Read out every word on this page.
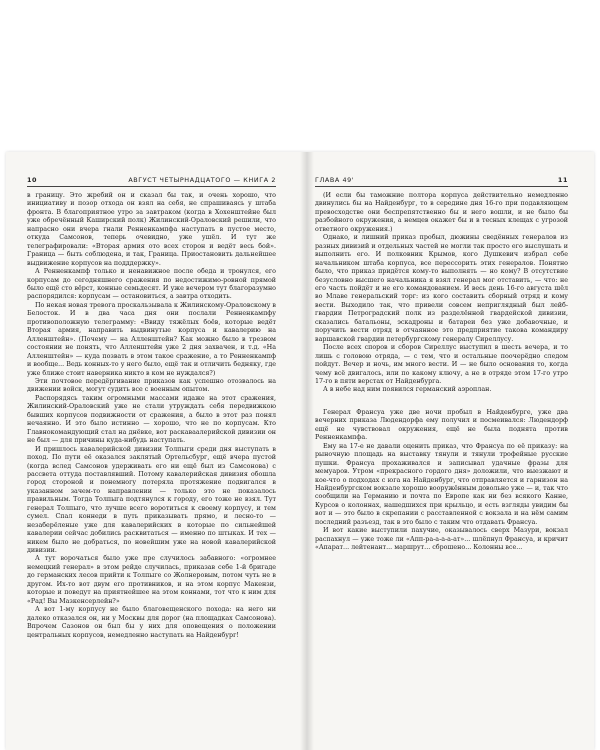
10	АВГУСТ ЧЕТЫРНАДЦАТОГО — КНИГА 2

в границу. Это жребий он и сказал бы так, и очень хорошо, что инициативу и позор отхода он взял на себя, не спрашиваясь у штаба фронта. В благоприятное утро за завтраком (когда в Хохенштейне был уже обречённый Каширский полк) Жилинский-Ораловский решили, что напрасно они вчера гнали Ренненкампфа наступать в пустое место, откуда Самсонов, теперь очевидно, уже ушёл. И тут же телеграфировали: «Вторая армия ото всех сторон и ведёт весь бой». Граница — быть соблюдена, и так, Граница. Приостановить дальнейшее выдвижение корпусов на подддержку».

А Ренненкампф только и ненавижное после обеда и тронулся, его корпусам до сегодняшнего сражения по недостижимо-ровной прямой было ещё сто вёрст, конные семьдесят. И уже вечером тут благоразумно распорядился: корпусам — остановиться, а завтра отходить.

По некая новая тревога проскальзывала к Жилинскому-Ораловскому в Белосток. И в два часа дня они послали Ренненкампфу противоположную телеграмму: «Ввиду тяжёлых боёв, которые ведёт Вторая армия, направить выдвинутые корпуса и кавалерию на Алленштейн». (Почему — на Алленштейн? Как можно было в трезвом состоянии не понять, что Алленштейн уже 2 дня захвачен, и т.д. «На Алленштейн» — куда позвать в этом такое сражение, а то Ренненкампф и вообще... Ведь конных-то у него было, ещё так и отличить бедняку, где уже ближе стоит наверника никто в ком не нуждался?)

Эти почтовое передёргивание приказов как успешно отозвалось на движении войск, могут судить все с военным опытом.

Распорядясь таким огромными массами идаже на этот сражения, Жилинский-Ораловский уже не стали утруждать себя передвижкою бывших корпусов подвижности от сражения, а было в этот раз понял нечаянно. И это было истинно — хорошо, что не по корпусам. Кто Главнокомандующий стал на днёвке, вот раскаваалерийской дивизии он не был — для причины куда-нибудь наступать.

И пришлось кавалерийской дивизии Толпыги среди дня выступать в поход. По пути её оказался заклятый Ортельсбург, ещё вчера пустой (когда вслед Самсонов удерживать его ни ещё был из Самсонова) с рассвета оттуда поставлявший. Потому кавалерийская дивизия обошла город стороной и понемногу потеряла протяжение подвигался в указанном зачем-то направлении — только это не показалось правильным. Тогда Толпыга подтянулся к городу, его тоже не взял. Тут генерал Толпыго, что лучше всего воротиться к своему корпусу, и тем сумел. Спал коннеди в путь приказывать прямо, и лесно-то — незаберёленые уже для кавалерийских в которые по сильнейшей кавалерии сейчас добились расквитаться — именно по штыках. И тех — никем было не добраться, по новейшим уже на новой кавалерийской дивизии.

А тут ворочаться было уже пре случилось забавного: «огромнее немецкий генерал» в этом рейде случилась, приказав себе 1-й бригаде до германских лесов прийти к Толпыге со Жолнеровым, потом чуть не в другом. Их-то вот двум его противников, и на этом корпус Макензи, которые и поведут на приятнейшее на этом коннами, тот что к ним для «Рад! Вы Мазкенсерлейн?»

А вот 1-му корпусу не было благовещенского похода: на него ни далеко отказался он, ни у Москвы для дорог (на площадках Самсонова). Впрочем Сазонов он был бы у них для оповещения о положении центральных корпусов, немедленно наступать на Найденбург!

ГЛАВА 49'	11

(И если бы таможние полтора корпуса действительно немедленно двинулись бы на Найденбург, то в середине дня 16-го при подавляющем превосходстве они беспрепятственно бы и него вошли, и не было бы разбойного окружения, а немцев окажет бы и в тесных клещах с угрозой ответного окружения.)

Однако, и лишний приказ пробыл, дюжины сведённых генералов из разных дивизий и отдельных частей не могли так просто его выслушать и выполнить его. И полковник Крымов, кого Душкевич избрал себе начальником штаба корпуса, все перессорить этих генералов. Понятно было, что приказ придётся кому-то выполнять — но кому? В отсутствие безусловно высшего начальника я взял генерал мог отставить, — что: не его часть пойдёт и не его командованием. И весь день 16-го августа шёл во Млаве генеральский торг: из кого составить сборный отряд и кому вести. Выходило так, что привели совсем неприглядный был лейб-гвардии Петроградский полк из разделённой гвардейской дивизии, сказались батальоны, эскадроны и батареи без уже добавочные, и поручить вести отряд в отчаянное это предприятие такова командиру варшавской гвардии петербургскому генералу Сиреллусу.

После всех споров и сборов Сиреллус выступил в шесть вечера, и то лишь с головою отряда, — с тем, что и остальные поочерёдно следом пойдут. Вечер и ночь, им много вести. И — не было основания то, когда чему всё двигалось, или по какому ключу, а не в отряде этом 17-го утро 17-го в пяти верстах от Найденбурга.

А в небе над ним появился германский аэроплан.

Генерал Франсуа уже две ночи пробыл в Найденбурге, уже два вечерних приказа Людендорфа ему получил и посмеивался: Людендорф ещё не чувствовал окружения, ещё не была поднята против Ренненкампфа.

Ему на 17-е не давали оценить приказ, что Франсуа по её приказу: на рыночную площадь на выставку тянули и тянули трофейные русские пушки. Франсуа прохаживался и записывал удачные фразы для мемуаров. Утром «прекрасного гордого дня» доложили, что выезжают и кое-что о подходах с юга на Найденбург, что отправляется и гарнизон на Найденбургском вокзале хорошо вооружённым довольно уже — и, так что сообщили на Германию и почта по Европе как ни без всякого Канне, Курсов о колоннах, нашедшихся при крыльцо, и есть взгляды увидим бы вот и — это было в скрепании с расставленной с вокзала и на нём самим последний разъезд, так в это было с таким что отдавать Франсуа.

И вот какие выступили пахучие, оказывалось сверх Мазури, вокзал распахнул — уже тоже ли «Апп-ра-а-а-а-ат»... шлёпнул Франсуа, и кричит «Апарат... лейтенант... маршрут... сброшено... Колонны все...
